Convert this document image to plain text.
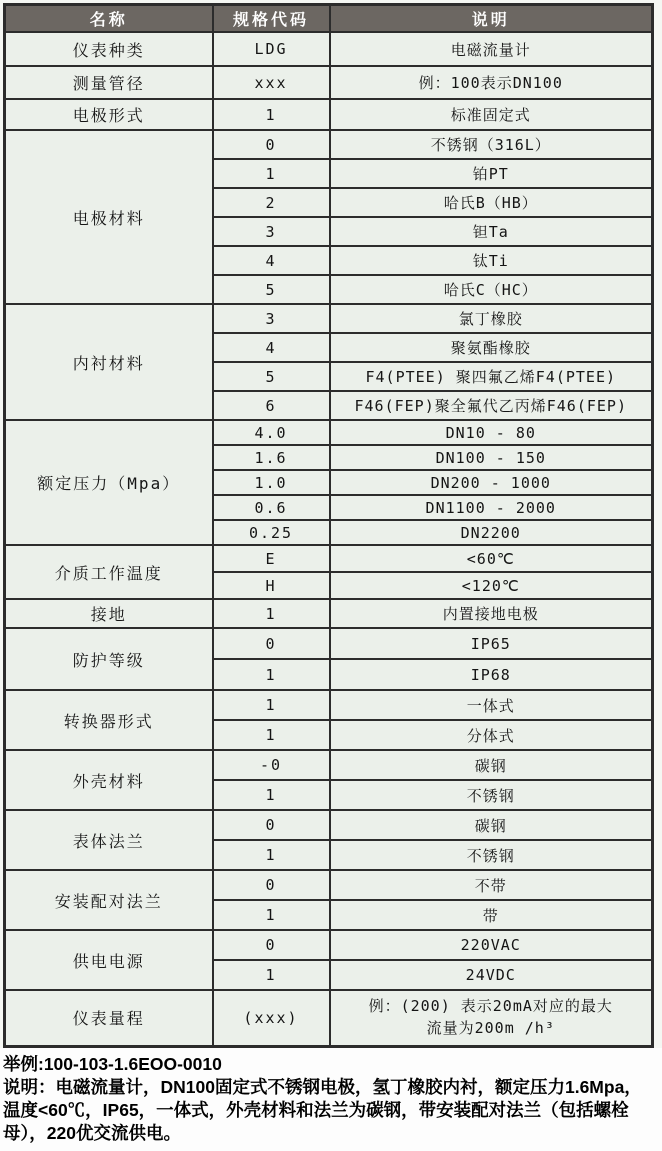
名称	规格代码	说明
仪表种类	LDG	电磁流量计
测量管径	xxx	例：100表示DN100
电极形式	1	标准固定式
电极材料	0	不锈钢（316L）
	1	铂PT
	2	哈氏B（HB）
	3	钽Ta
	4	钛Ti
	5	哈氏C（HC）
内衬材料	3	氯丁橡胶
	4	聚氨酯橡胶
	5	F4(PTEE) 聚四氟乙烯F4(PTEE)
	6	F46(FEP)聚全氟代乙丙烯F46(FEP)
额定压力（Mpa）	4.0	DN10 - 80
	1.6	DN100 - 150
	1.0	DN200 - 1000
	0.6	DN1100 - 2000
	0.25	DN2200
介质工作温度	E	<60℃
	H	<120℃
接地	1	内置接地电极
防护等级	0	IP65
	1	IP68
转换器形式	1	一体式
	1	分体式
外壳材料	-0	碳钢
	1	不锈钢
表体法兰	0	碳钢
	1	不锈钢
安装配对法兰	0	不带
	1	带
供电电源	0	220VAC
	1	24VDC
仪表量程	(xxx)	例：(200) 表示20mA对应的最大
流量为200m /h³
举例:100-103-1.6EOO-0010
说明：电磁流量计，DN100固定式不锈钢电极，氢丁橡胶内衬，额定压力1.6Mpa，温度<60℃，IP65，一体式，外壳材料和法兰为碳钢，带安装配对法兰（包括螺栓母），220优交流供电。
